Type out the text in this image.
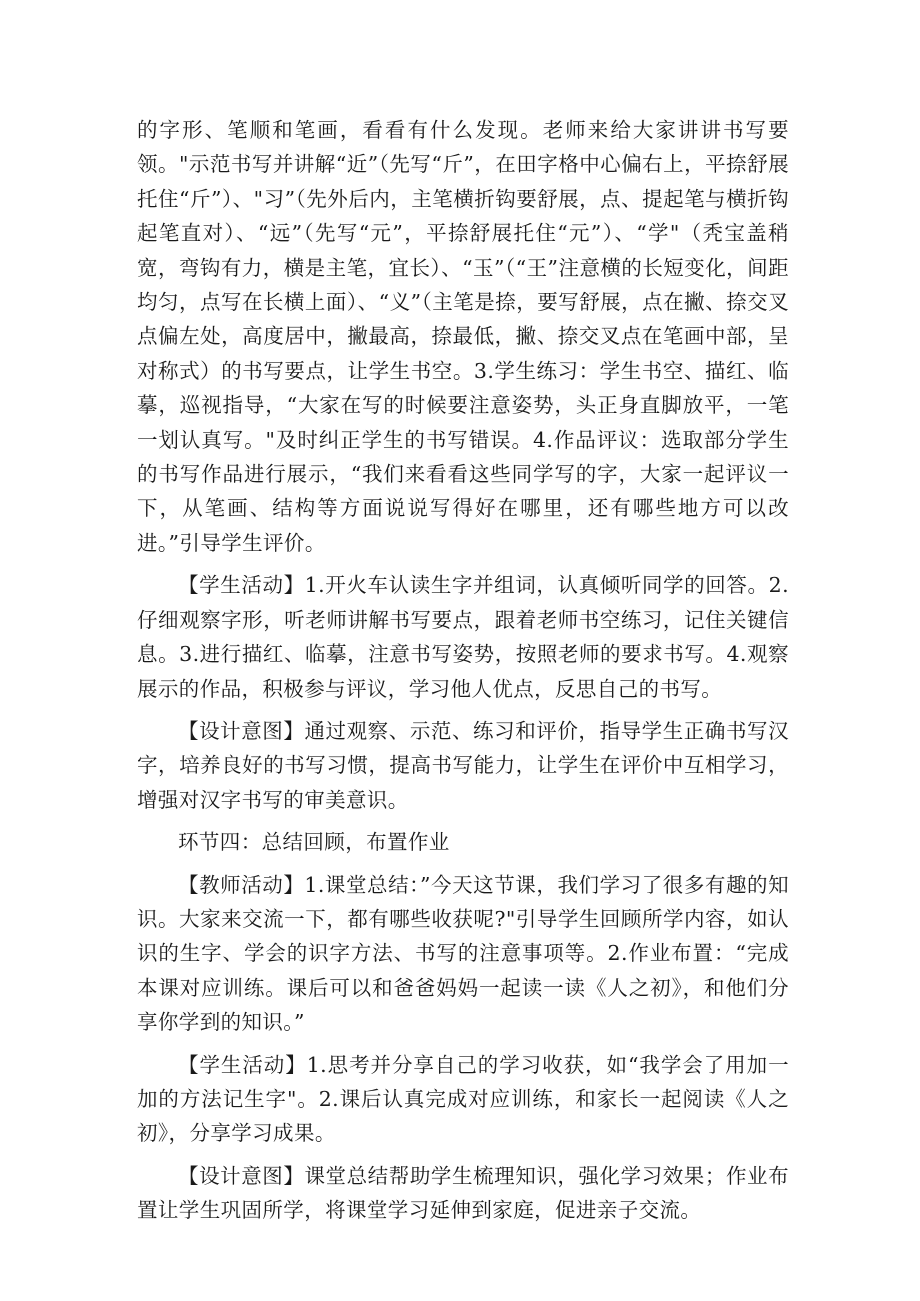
的字形、笔顺和笔画，看看有什么发现。老师来给大家讲讲书写要领。"示范书写并讲解“近”（先写“斤”，在田字格中心偏右上，平捺舒展托住“斤”）、"习”（先外后内，主笔横折钩要舒展，点、提起笔与横折钩起笔直对）、“远”（先写“元”，平捺舒展托住“元”）、“学"（秃宝盖稍宽，弯钩有力，横是主笔，宜长）、“玉”（“王”注意横的长短变化，间距均匀，点写在长横上面）、“义”（主笔是捺，要写舒展，点在撇、捺交叉点偏左处，高度居中，撇最高，捺最低，撇、捺交叉点在笔画中部，呈对称式）的书写要点，让学生书空。3.学生练习：学生书空、描红、临摹，巡视指导，“大家在写的时候要注意姿势，头正身直脚放平，一笔一划认真写。"及时纠正学生的书写错误。4.作品评议：选取部分学生的书写作品进行展示，“我们来看看这些同学写的字，大家一起评议一下，从笔画、结构等方面说说写得好在哪里，还有哪些地方可以改进。”引导学生评价。

【学生活动】1.开火车认读生字并组词，认真倾听同学的回答。2.仔细观察字形，听老师讲解书写要点，跟着老师书空练习，记住关键信息。3.进行描红、临摹，注意书写姿势，按照老师的要求书写。4.观察展示的作品，积极参与评议，学习他人优点，反思自己的书写。

【设计意图】通过观察、示范、练习和评价，指导学生正确书写汉字，培养良好的书写习惯，提高书写能力，让学生在评价中互相学习，增强对汉字书写的审美意识。

环节四：总结回顾，布置作业

【教师活动】1.课堂总结：”今天这节课，我们学习了很多有趣的知识。大家来交流一下，都有哪些收获呢?"引导学生回顾所学内容，如认识的生字、学会的识字方法、书写的注意事项等。2.作业布置：“完成本课对应训练。课后可以和爸爸妈妈一起读一读《人之初》，和他们分享你学到的知识。”

【学生活动】1.思考并分享自己的学习收获，如“我学会了用加一加的方法记生字"。2.课后认真完成对应训练，和家长一起阅读《人之初》，分享学习成果。

【设计意图】课堂总结帮助学生梳理知识，强化学习效果；作业布置让学生巩固所学，将课堂学习延伸到家庭，促进亲子交流。
